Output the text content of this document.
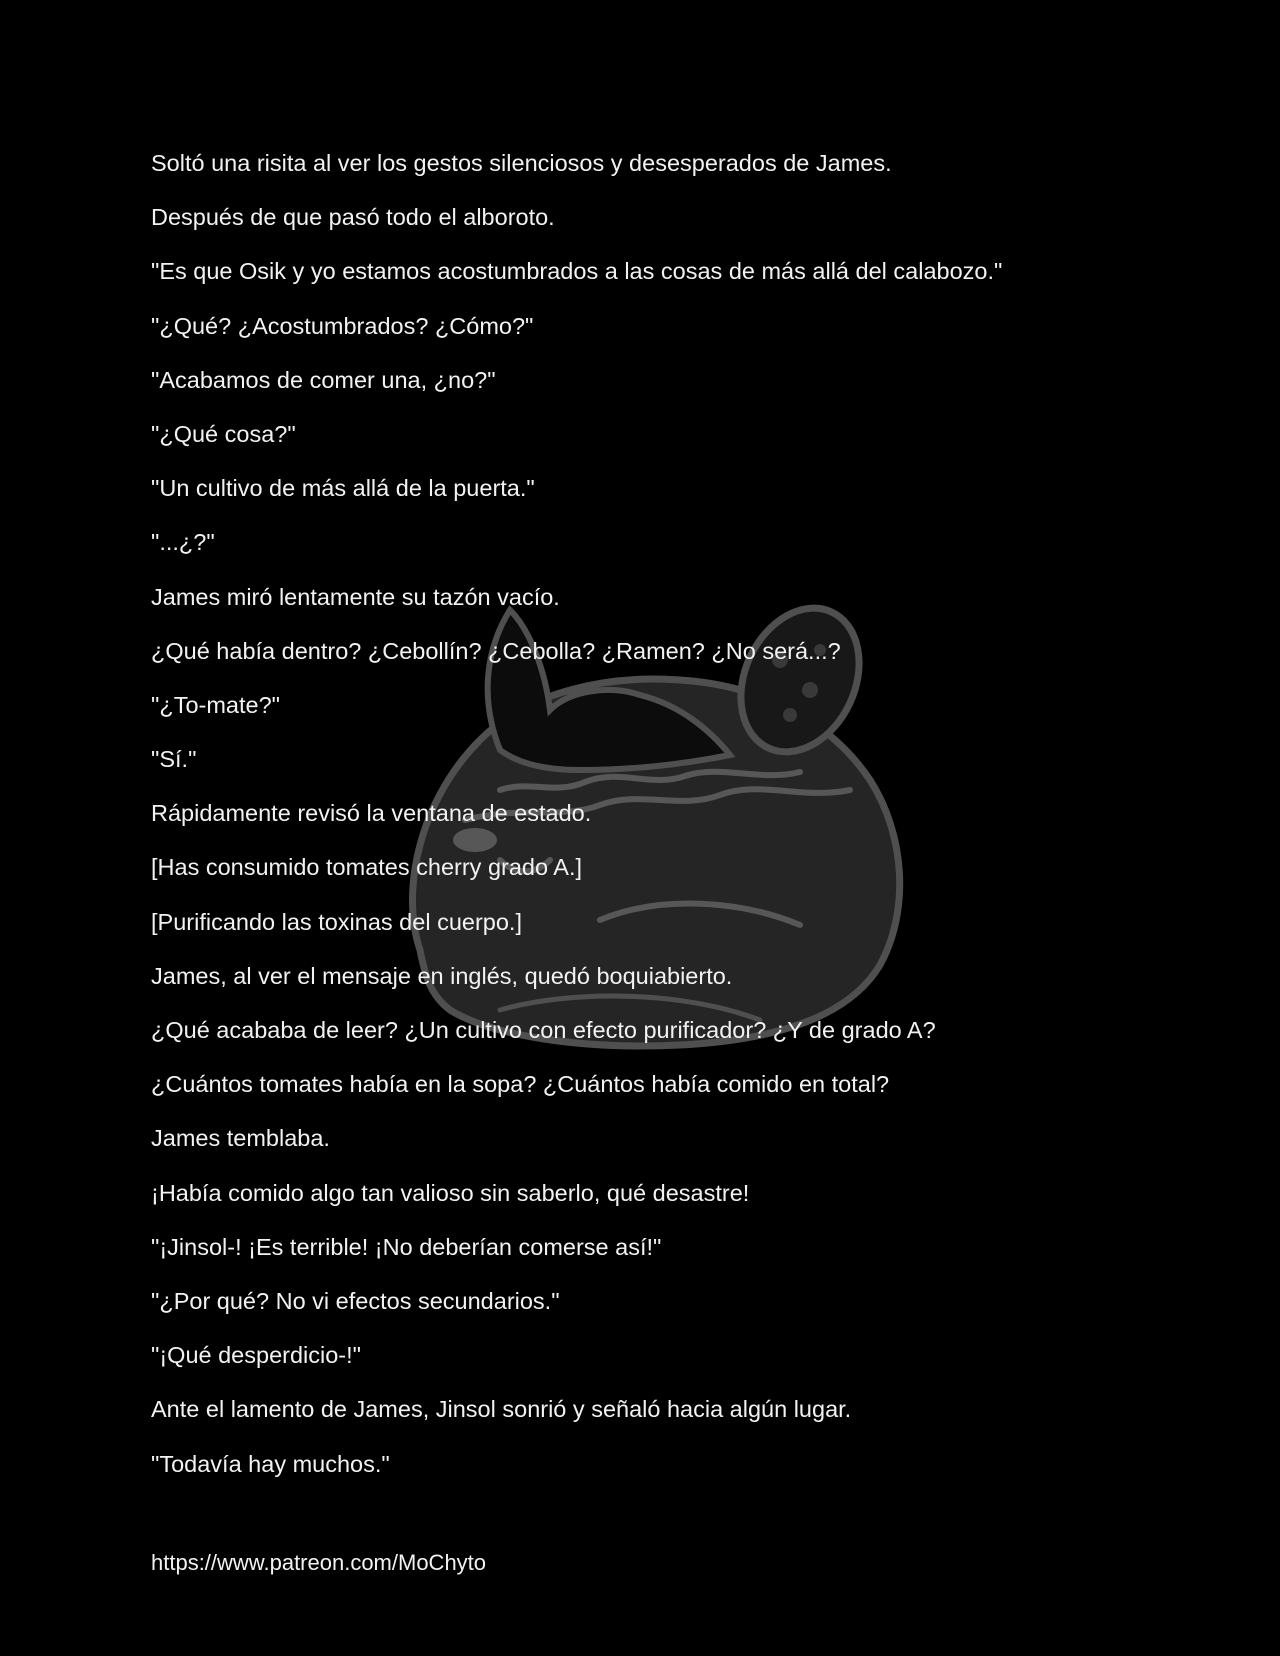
Soltó una risita al ver los gestos silenciosos y desesperados de James.
Después de que pasó todo el alboroto.
"Es que Osik y yo estamos acostumbrados a las cosas de más allá del calabozo."
"¿Qué? ¿Acostumbrados? ¿Cómo?"
"Acabamos de comer una, ¿no?"
"¿Qué cosa?"
"Un cultivo de más allá de la puerta."
"...¿?"
James miró lentamente su tazón vacío.
¿Qué había dentro? ¿Cebollín? ¿Cebolla? ¿Ramen? ¿No será...?
"¿To-mate?"
"Sí."
Rápidamente revisó la ventana de estado.
[Has consumido tomates cherry grado A.]
[Purificando las toxinas del cuerpo.]
James, al ver el mensaje en inglés, quedó boquiabierto.
¿Qué acababa de leer? ¿Un cultivo con efecto purificador? ¿Y de grado A?
¿Cuántos tomates había en la sopa? ¿Cuántos había comido en total?
James temblaba.
¡Había comido algo tan valioso sin saberlo, qué desastre!
"¡Jinsol-! ¡Es terrible! ¡No deberían comerse así!"
"¿Por qué? No vi efectos secundarios."
"¡Qué desperdicio-!"
Ante el lamento de James, Jinsol sonrió y señaló hacia algún lugar.
"Todavía hay muchos."
https://www.patreon.com/MoChyto
